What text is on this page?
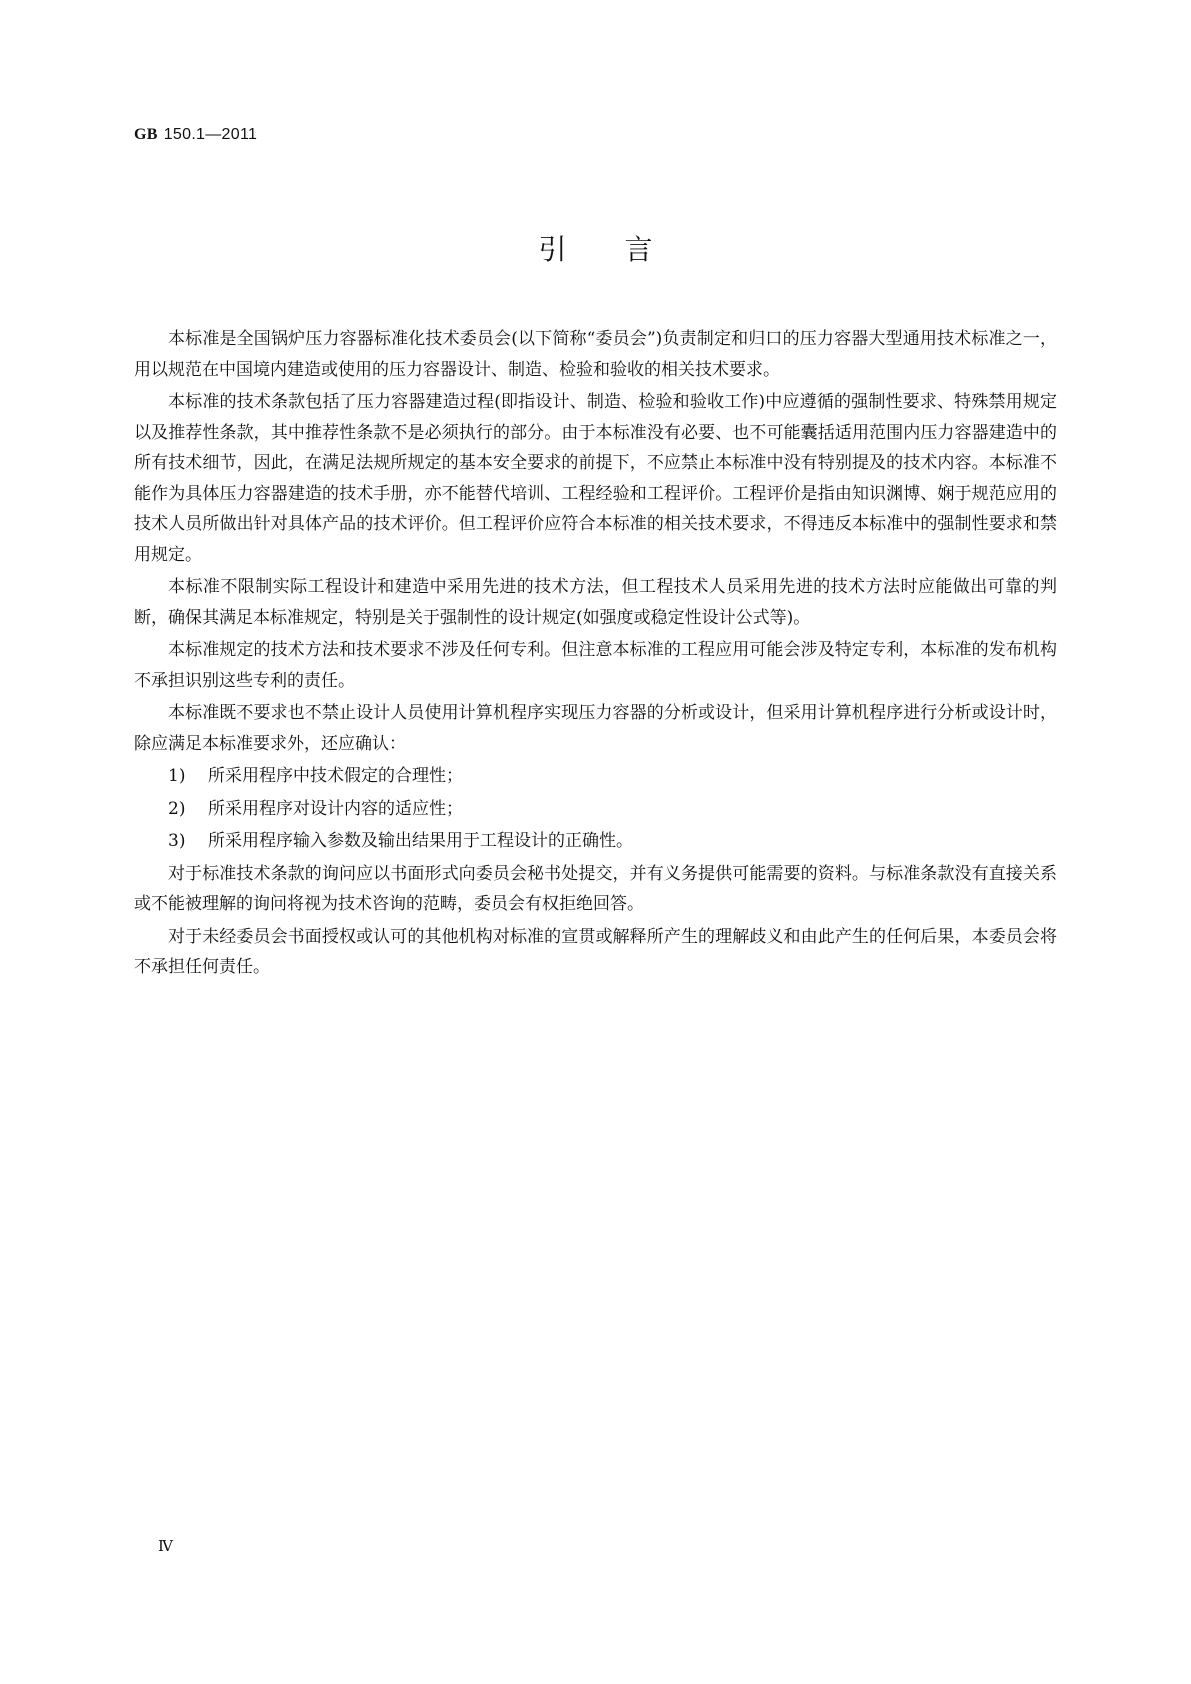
GB 150.1—2011
引言

本标准是全国锅炉压力容器标准化技术委员会(以下简称“委员会”)负责制定和归口的压力容器大型通用技术标准之一，用以规范在中国境内建造或使用的压力容器设计、制造、检验和验收的相关技术要求。

本标准的技术条款包括了压力容器建造过程(即指设计、制造、检验和验收工作)中应遵循的强制性要求、特殊禁用规定以及推荐性条款，其中推荐性条款不是必须执行的部分。由于本标准没有必要、也不可能囊括适用范围内压力容器建造中的所有技术细节，因此，在满足法规所规定的基本安全要求的前提下，不应禁止本标准中没有特别提及的技术内容。本标准不能作为具体压力容器建造的技术手册，亦不能替代培训、工程经验和工程评价。工程评价是指由知识渊博、娴于规范应用的技术人员所做出针对具体产品的技术评价。但工程评价应符合本标准的相关技术要求，不得违反本标准中的强制性要求和禁用规定。

本标准不限制实际工程设计和建造中采用先进的技术方法，但工程技术人员采用先进的技术方法时应能做出可靠的判断，确保其满足本标准规定，特别是关于强制性的设计规定(如强度或稳定性设计公式等)。

本标准规定的技术方法和技术要求不涉及任何专利。但注意本标准的工程应用可能会涉及特定专利，本标准的发布机构不承担识别这些专利的责任。

本标准既不要求也不禁止设计人员使用计算机程序实现压力容器的分析或设计，但采用计算机程序进行分析或设计时，除应满足本标准要求外，还应确认：

1) 所采用程序中技术假定的合理性；
2) 所采用程序对设计内容的适应性；
3) 所采用程序输入参数及输出结果用于工程设计的正确性。

对于标准技术条款的询问应以书面形式向委员会秘书处提交，并有义务提供可能需要的资料。与标准条款没有直接关系或不能被理解的询问将视为技术咨询的范畴，委员会有权拒绝回答。

对于未经委员会书面授权或认可的其他机构对标准的宣贯或解释所产生的理解歧义和由此产生的任何后果，本委员会将不承担任何责任。

Ⅳ
